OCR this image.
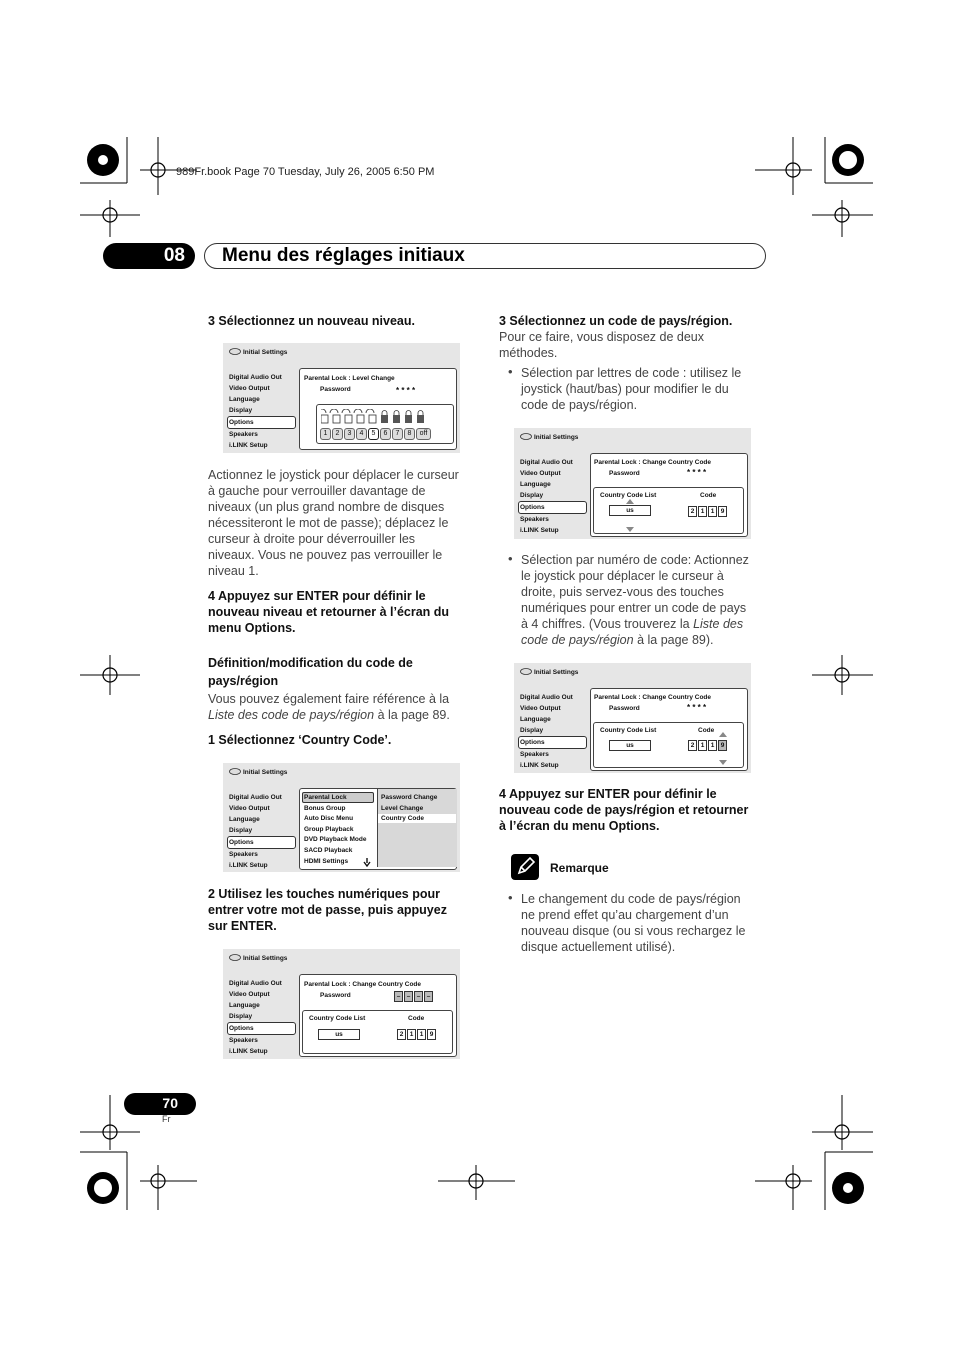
989Fr.book Page 70 Tuesday, July 26, 2005 6:50 PM
08 Menu des réglages initiaux
3 Sélectionnez un nouveau niveau.
Initial Settings
Digital Audio Out
Video Output
Language
Display
Options
Speakers
i.LINK Setup
Parental Lock : Level Change
Password	* * * *
1	2	3	4	5	6	7	8	off
Actionnez le joystick pour déplacer le curseur
à gauche pour verrouiller davantage de
niveaux (un plus grand nombre de disques
nécessiteront le mot de passe); déplacez le
curseur à droite pour déverrouiller les
niveaux. Vous ne pouvez pas verrouiller le
niveau 1.
4 Appuyez sur ENTER pour définir le
nouveau niveau et retourner à l’écran du
menu Options.
Définition/modification du code de
pays/région
Vous pouvez également faire référence à la
Liste des code de pays/région à la page 89.
1 Sélectionnez ‘Country Code’.
Initial Settings
Digital Audio Out
Video Output
Language
Display
Options
Speakers
i.LINK Setup
Parental Lock
Bonus Group
Auto Disc Menu
Group Playback
DVD Playback Mode
SACD Playback
HDMI Settings
Password Change
Level Change
Country Code
2 Utilisez les touches numériques pour
entrer votre mot de passe, puis appuyez
sur ENTER.
Initial Settings
Digital Audio Out
Video Output
Language
Display
Options
Speakers
i.LINK Setup
Parental Lock : Change Country Code
Password	– – – –
Country Code List	Code
us	2 1 1 9
3 Sélectionnez un code de pays/région.
Pour ce faire, vous disposez de deux
méthodes.
• Sélection par lettres de code : utilisez le
joystick (haut/bas) pour modifier le du
code de pays/région.
Initial Settings
Digital Audio Out
Video Output
Language
Display
Options
Speakers
i.LINK Setup
Parental Lock : Change Country Code
Password	* * * *
Country Code List	Code
us	2 1 1 9
• Sélection par numéro de code: Actionnez
le joystick pour déplacer le curseur à
droite, puis servez-vous des touches
numériques pour entrer un code de pays
à 4 chiffres. (Vous trouverez la Liste des
code de pays/région à la page 89).
Initial Settings
Digital Audio Out
Video Output
Language
Display
Options
Speakers
i.LINK Setup
Parental Lock : Change Country Code
Password	* * * *
Country Code List	Code
us	2 1 1 9
4 Appuyez sur ENTER pour définir le
nouveau code de pays/région et retourner
à l’écran du menu Options.
Remarque
• Le changement du code de pays/région
ne prend effet qu’au chargement d’un
nouveau disque (ou si vous rechargez le
disque actuellement utilisé).
70
Fr
